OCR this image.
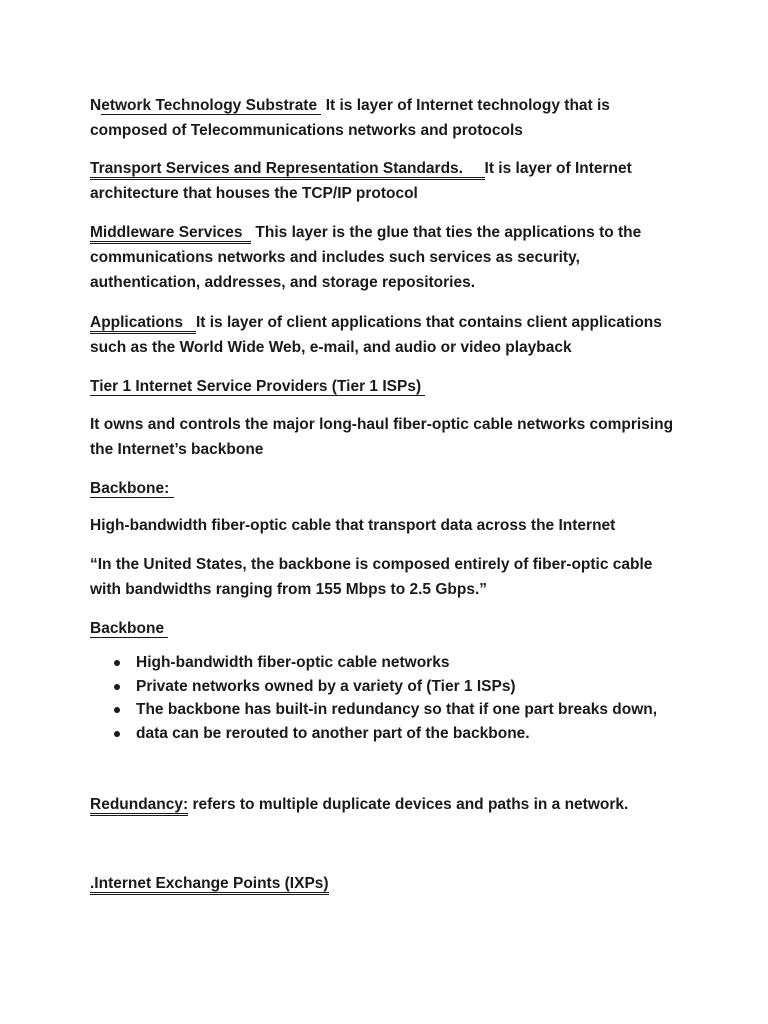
Network Technology Substrate  It is layer of Internet technology that is
composed of Telecommunications networks and protocols

Transport Services and Representation Standards.     It is layer of Internet
architecture that houses the TCP/IP protocol

Middleware Services   This layer is the glue that ties the applications to the
communications networks and includes such services as security,
authentication, addresses, and storage repositories.

Applications   It is layer of client applications that contains client applications
such as the World Wide Web, e-mail, and audio or video playback

Tier 1 Internet Service Providers (Tier 1 ISPs)

It owns and controls the major long-haul fiber-optic cable networks comprising
the Internet’s backbone

Backbone:

High-bandwidth fiber-optic cable that transport data across the Internet

“In the United States, the backbone is composed entirely of fiber-optic cable
with bandwidths ranging from 155 Mbps to 2.5 Gbps.”

Backbone

High-bandwidth fiber-optic cable networks
Private networks owned by a variety of (Tier 1 ISPs)
The backbone has built-in redundancy so that if one part breaks down,
data can be rerouted to another part of the backbone.

Redundancy: refers to multiple duplicate devices and paths in a network.

.Internet Exchange Points (IXPs)
